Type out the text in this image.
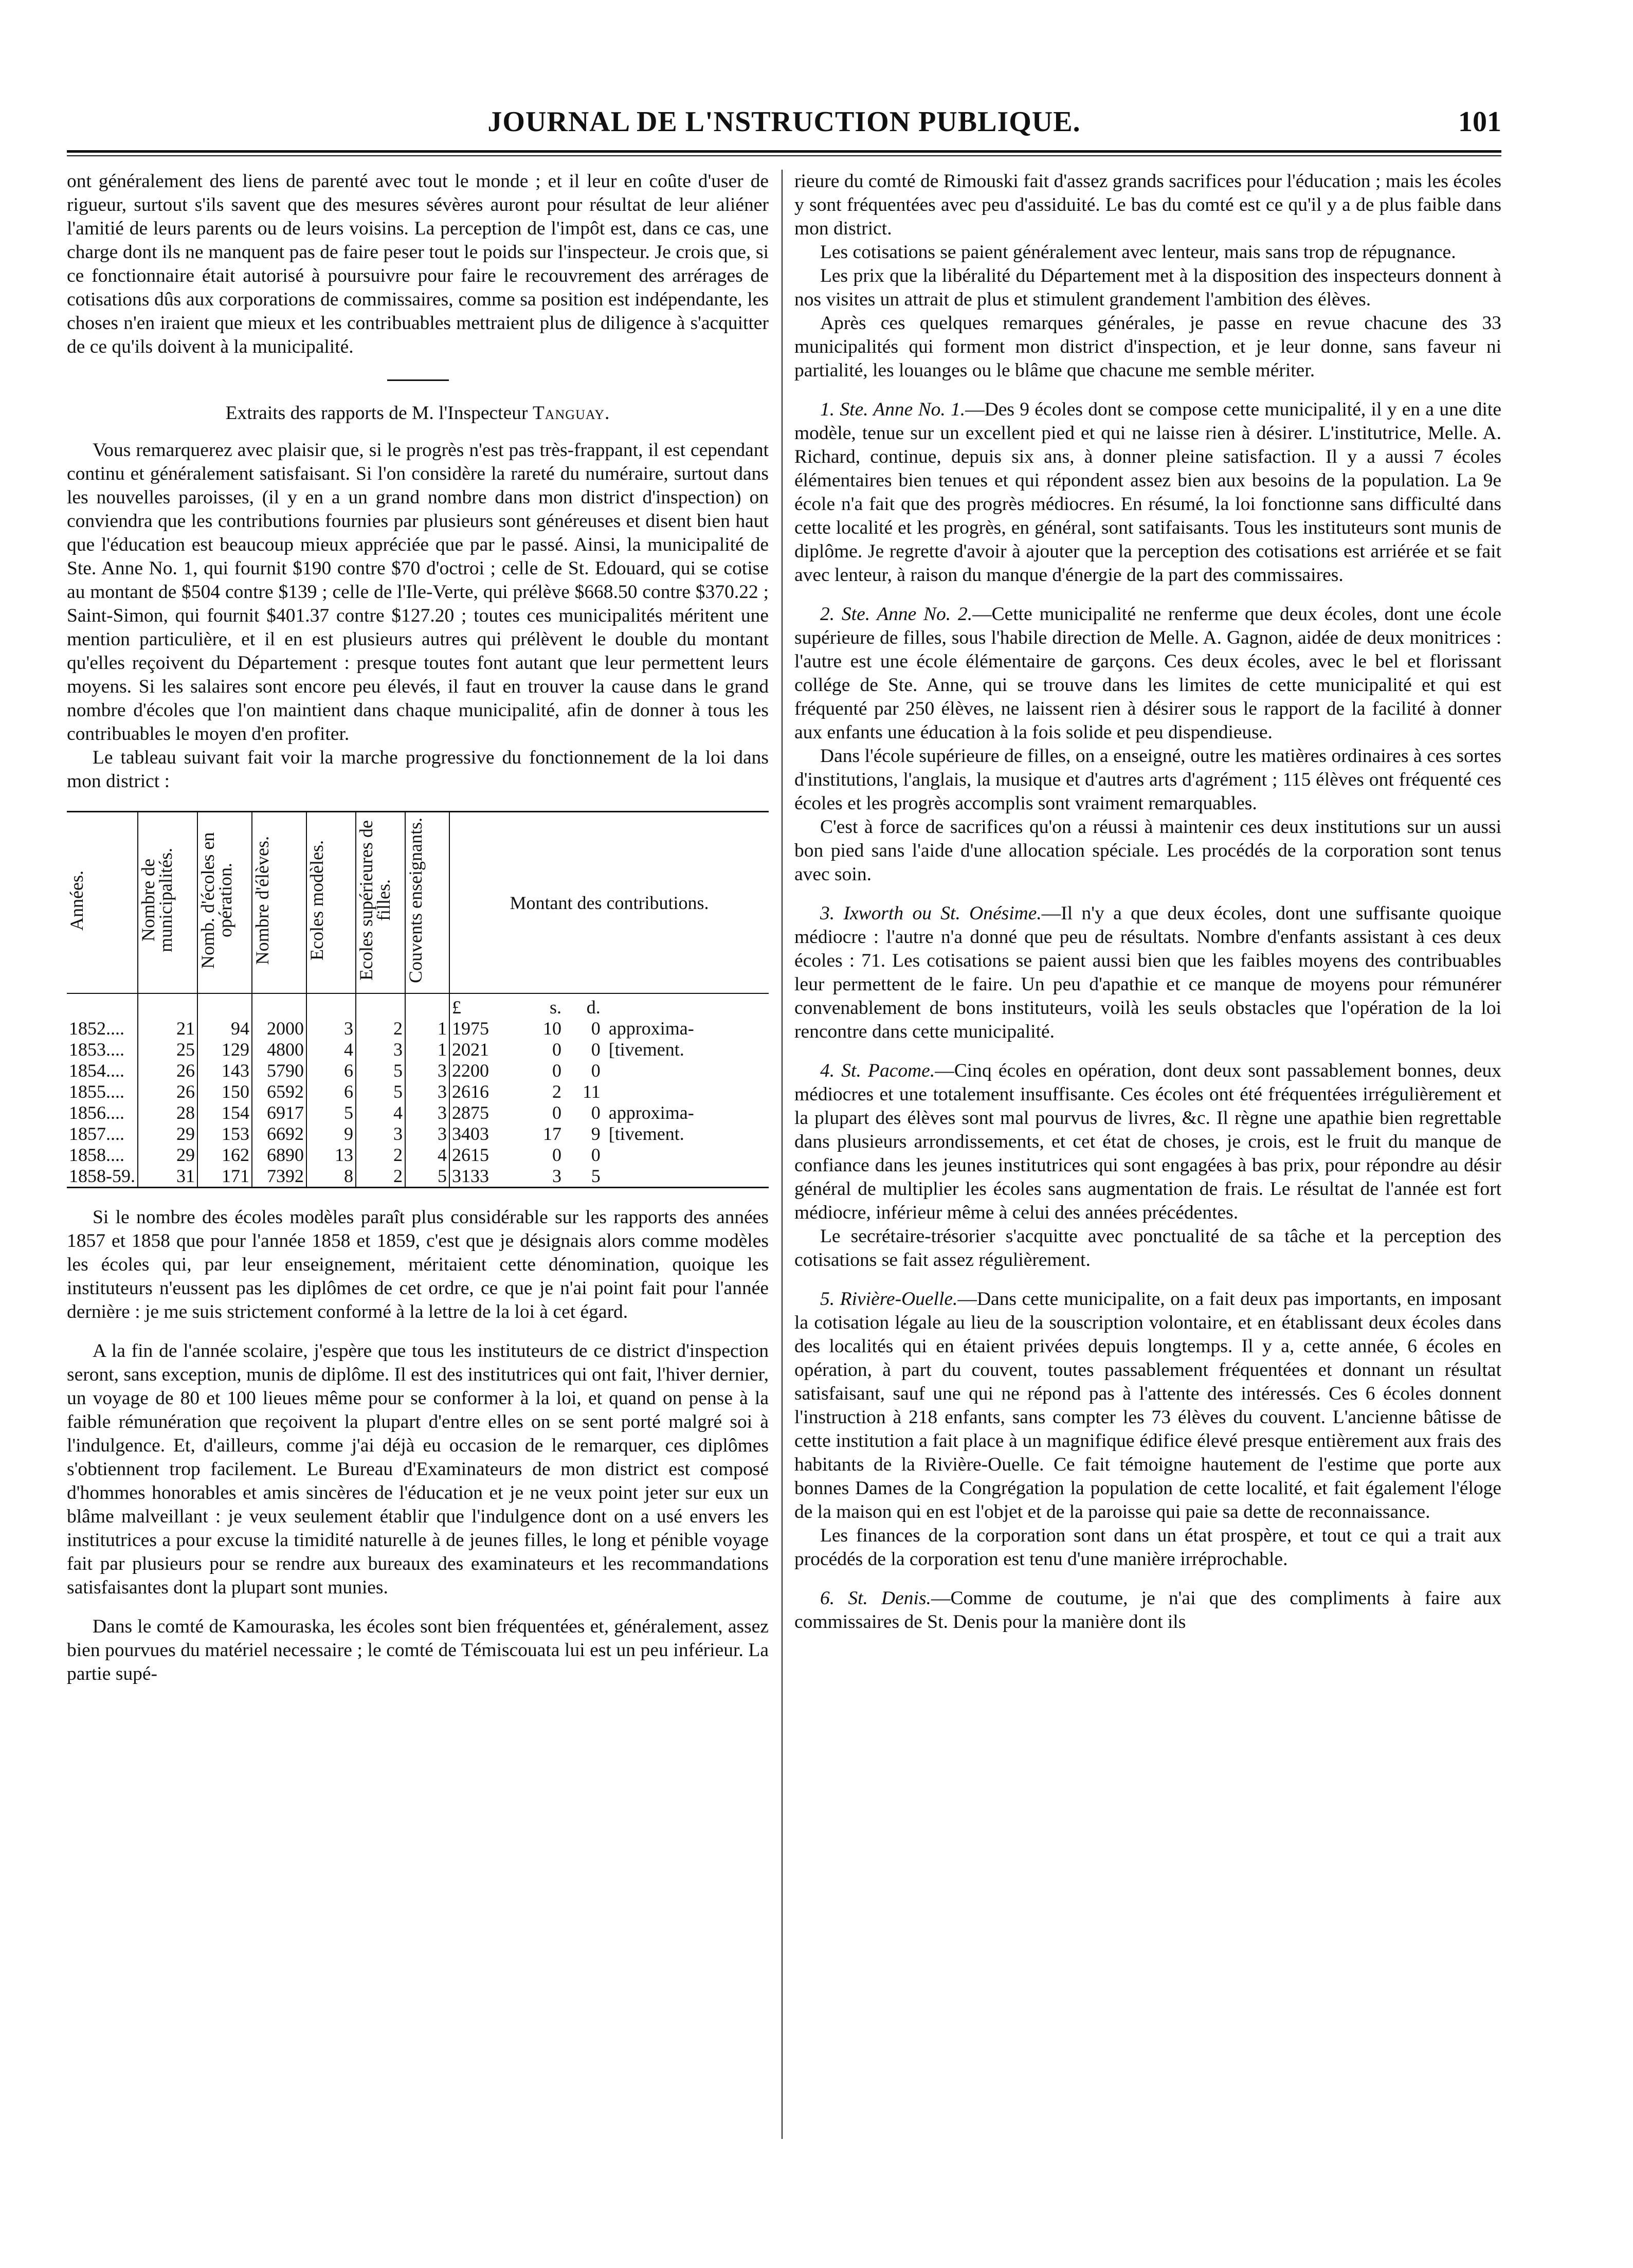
JOURNAL DE L'NSTRUCTION PUBLIQUE.	101

ont généralement des liens de parenté avec tout le monde ; et il leur en coûte d'user de rigueur, surtout s'ils savent que des mesures sévères auront pour résultat de leur aliéner l'amitié de leurs parents ou de leurs voisins. La perception de l'impôt est, dans ce cas, une charge dont ils ne manquent pas de faire peser tout le poids sur l'inspecteur. Je crois que, si ce fonctionnaire était autorisé à poursuivre pour faire le recouvrement des arrérages de cotisations dûs aux corporations de commissaires, comme sa position est indépendante, les choses n'en iraient que mieux et les contribuables mettraient plus de diligence à s'acquitter de ce qu'ils doivent à la municipalité.

Extraits des rapports de M. l'Inspecteur Tanguay.

Vous remarquerez avec plaisir que, si le progrès n'est pas très-frappant, il est cependant continu et généralement satisfaisant. Si l'on considère la rareté du numéraire, surtout dans les nouvelles paroisses, (il y en a un grand nombre dans mon district d'inspection) on conviendra que les contributions fournies par plusieurs sont généreuses et disent bien haut que l'éducation est beaucoup mieux appréciée que par le passé. Ainsi, la municipalité de Ste. Anne No. 1, qui fournit $190 contre $70 d'octroi ; celle de St. Edouard, qui se cotise au montant de $504 contre $139 ; celle de l'Ile-Verte, qui prélève $668.50 contre $370.22 ; Saint-Simon, qui fournit $401.37 contre $127.20 ; toutes ces municipalités méritent une mention particulière, et il en est plusieurs autres qui prélèvent le double du montant qu'elles reçoivent du Département : presque toutes font autant que leur permettent leurs moyens. Si les salaires sont encore peu élevés, il faut en trouver la cause dans le grand nombre d'écoles que l'on maintient dans chaque municipalité, afin de donner à tous les contribuables le moyen d'en profiter.

Le tableau suivant fait voir la marche progressive du fonctionnement de la loi dans mon district :

Années.	Nombre de municipalités.	Nomb. d'écoles en opération.	Nombre d'élèves.	Ecoles modèles.	Ecoles supérieures de filles.	Couvents enseignants.	Montant des contributions.			

							£	s.	d.	
1852....	21	94	2000	3	2	1	1975	10	0	approxima-
1853....	25	129	4800	4	3	1	2021	0	0	[tivement.
1854....	26	143	5790	6	5	3	2200	0	0	
1855....	26	150	6592	6	5	3	2616	2	11	
1856....	28	154	6917	5	4	3	2875	0	0	approxima-
1857....	29	153	6692	9	3	3	3403	17	9	[tivement.
1858....	29	162	6890	13	2	4	2615	0	0	
1858-59.	31	171	7392	8	2	5	3133	3	5	

Si le nombre des écoles modèles paraît plus considérable sur les rapports des années 1857 et 1858 que pour l'année 1858 et 1859, c'est que je désignais alors comme modèles les écoles qui, par leur enseignement, méritaient cette dénomination, quoique les instituteurs n'eussent pas les diplômes de cet ordre, ce que je n'ai point fait pour l'année dernière : je me suis strictement conformé à la lettre de la loi à cet égard.

A la fin de l'année scolaire, j'espère que tous les instituteurs de ce district d'inspection seront, sans exception, munis de diplôme. Il est des institutrices qui ont fait, l'hiver dernier, un voyage de 80 et 100 lieues même pour se conformer à la loi, et quand on pense à la faible rémunération que reçoivent la plupart d'entre elles on se sent porté malgré soi à l'indulgence. Et, d'ailleurs, comme j'ai déjà eu occasion de le remarquer, ces diplômes s'obtiennent trop facilement. Le Bureau d'Examinateurs de mon district est composé d'hommes honorables et amis sincères de l'éducation et je ne veux point jeter sur eux un blâme malveillant : je veux seulement établir que l'indulgence dont on a usé envers les institutrices a pour excuse la timidité naturelle à de jeunes filles, le long et pénible voyage fait par plusieurs pour se rendre aux bureaux des examinateurs et les recommandations satisfaisantes dont la plupart sont munies.

Dans le comté de Kamouraska, les écoles sont bien fréquentées et, généralement, assez bien pourvues du matériel necessaire ; le comté de Témiscouata lui est un peu inférieur. La partie supé-

rieure du comté de Rimouski fait d'assez grands sacrifices pour l'éducation ; mais les écoles y sont fréquentées avec peu d'assiduité. Le bas du comté est ce qu'il y a de plus faible dans mon district.

Les cotisations se paient généralement avec lenteur, mais sans trop de répugnance.

Les prix que la libéralité du Département met à la disposition des inspecteurs donnent à nos visites un attrait de plus et stimulent grandement l'ambition des élèves.

Après ces quelques remarques générales, je passe en revue chacune des 33 municipalités qui forment mon district d'inspection, et je leur donne, sans faveur ni partialité, les louanges ou le blâme que chacune me semble mériter.

1. Ste. Anne No. 1.—Des 9 écoles dont se compose cette municipalité, il y en a une dite modèle, tenue sur un excellent pied et qui ne laisse rien à désirer. L'institutrice, Melle. A. Richard, continue, depuis six ans, à donner pleine satisfaction. Il y a aussi 7 écoles élémentaires bien tenues et qui répondent assez bien aux besoins de la population. La 9e école n'a fait que des progrès médiocres. En résumé, la loi fonctionne sans difficulté dans cette localité et les progrès, en général, sont satifaisants. Tous les instituteurs sont munis de diplôme. Je regrette d'avoir à ajouter que la perception des cotisations est arriérée et se fait avec lenteur, à raison du manque d'énergie de la part des commissaires.

2. Ste. Anne No. 2.—Cette municipalité ne renferme que deux écoles, dont une école supérieure de filles, sous l'habile direction de Melle. A. Gagnon, aidée de deux monitrices : l'autre est une école élémentaire de garçons. Ces deux écoles, avec le bel et florissant collége de Ste. Anne, qui se trouve dans les limites de cette municipalité et qui est fréquenté par 250 élèves, ne laissent rien à désirer sous le rapport de la facilité à donner aux enfants une éducation à la fois solide et peu dispendieuse.

Dans l'école supérieure de filles, on a enseigné, outre les matières ordinaires à ces sortes d'institutions, l'anglais, la musique et d'autres arts d'agrément ; 115 élèves ont fréquenté ces écoles et les progrès accomplis sont vraiment remarquables.

C'est à force de sacrifices qu'on a réussi à maintenir ces deux institutions sur un aussi bon pied sans l'aide d'une allocation spéciale. Les procédés de la corporation sont tenus avec soin.

3. Ixworth ou St. Onésime.—Il n'y a que deux écoles, dont une suffisante quoique médiocre : l'autre n'a donné que peu de résultats. Nombre d'enfants assistant à ces deux écoles : 71. Les cotisations se paient aussi bien que les faibles moyens des contribuables leur permettent de le faire. Un peu d'apathie et ce manque de moyens pour rémunérer convenablement de bons instituteurs, voilà les seuls obstacles que l'opération de la loi rencontre dans cette municipalité.

4. St. Pacome.—Cinq écoles en opération, dont deux sont passablement bonnes, deux médiocres et une totalement insuffisante. Ces écoles ont été fréquentées irrégulièrement et la plupart des élèves sont mal pourvus de livres, &c. Il règne une apathie bien regrettable dans plusieurs arrondissements, et cet état de choses, je crois, est le fruit du manque de confiance dans les jeunes institutrices qui sont engagées à bas prix, pour répondre au désir général de multiplier les écoles sans augmentation de frais. Le résultat de l'année est fort médiocre, inférieur même à celui des années précédentes.

Le secrétaire-trésorier s'acquitte avec ponctualité de sa tâche et la perception des cotisations se fait assez régulièrement.

5. Rivière-Ouelle.—Dans cette municipalite, on a fait deux pas importants, en imposant la cotisation légale au lieu de la souscription volontaire, et en établissant deux écoles dans des localités qui en étaient privées depuis longtemps. Il y a, cette année, 6 écoles en opération, à part du couvent, toutes passablement fréquentées et donnant un résultat satisfaisant, sauf une qui ne répond pas à l'attente des intéressés. Ces 6 écoles donnent l'instruction à 218 enfants, sans compter les 73 élèves du couvent. L'ancienne bâtisse de cette institution a fait place à un magnifique édifice élevé presque entièrement aux frais des habitants de la Rivière-Ouelle. Ce fait témoigne hautement de l'estime que porte aux bonnes Dames de la Congrégation la population de cette localité, et fait également l'éloge de la maison qui en est l'objet et de la paroisse qui paie sa dette de reconnaissance.

Les finances de la corporation sont dans un état prospère, et tout ce qui a trait aux procédés de la corporation est tenu d'une manière irréprochable.

6. St. Denis.—Comme de coutume, je n'ai que des compliments à faire aux commissaires de St. Denis pour la manière dont ils
